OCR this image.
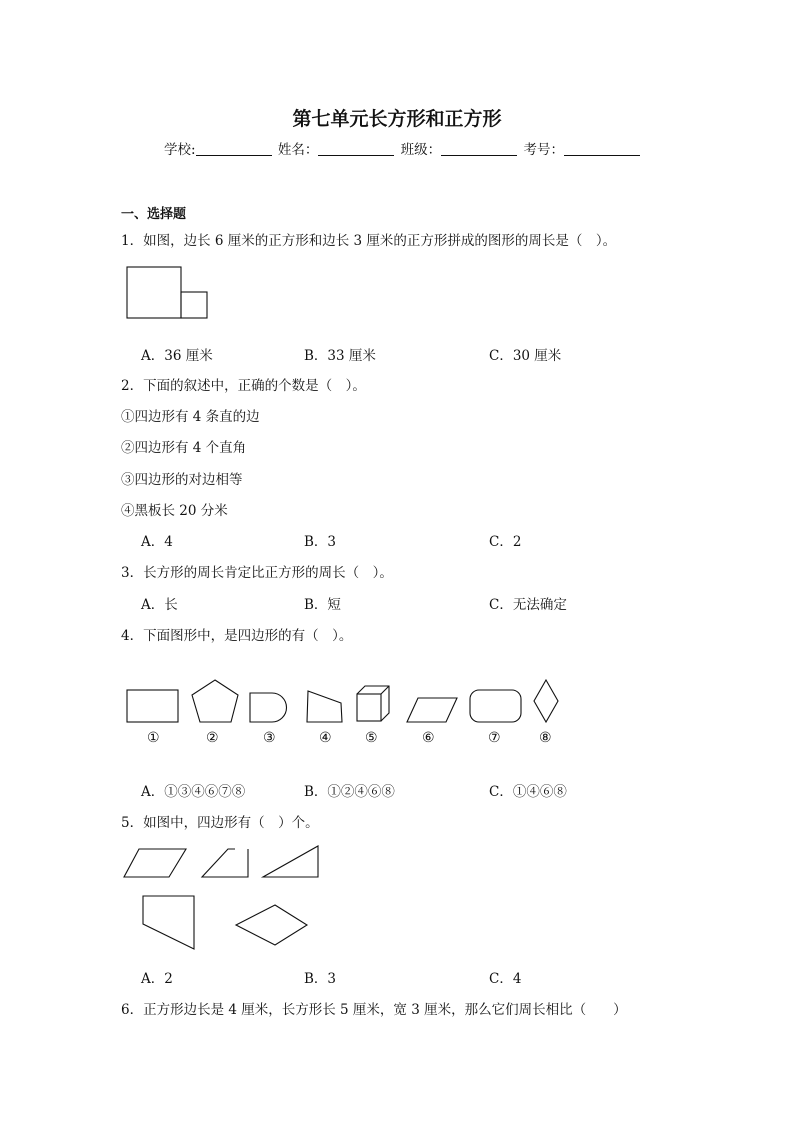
第七单元长方形和正方形
学校:	姓名：	班级：	考号：
一、选择题
1．如图，边长 6 厘米的正方形和边长 3 厘米的正方形拼成的图形的周长是（　）。
A．36 厘米	B．33 厘米	C．30 厘米
2．下面的叙述中，正确的个数是（　）。
①四边形有 4 条直的边
②四边形有 4 个直角
③四边形的对边相等
④黑板长 20 分米
A．4	B．3	C．2
3．长方形的周长肯定比正方形的周长（　）。
A．长	B．短	C．无法确定
4．下面图形中，是四边形的有（　）。
①	②	③	④ ⑤	⑥	⑦	⑧
A．①③④⑥⑦⑧	B．①②④⑥⑧	C．①④⑥⑧
5．如图中，四边形有（　）个。
A．2	B．3	C．4
6．正方形边长是 4 厘米，长方形长 5 厘米，宽 3 厘米，那么它们周长相比（　　）
